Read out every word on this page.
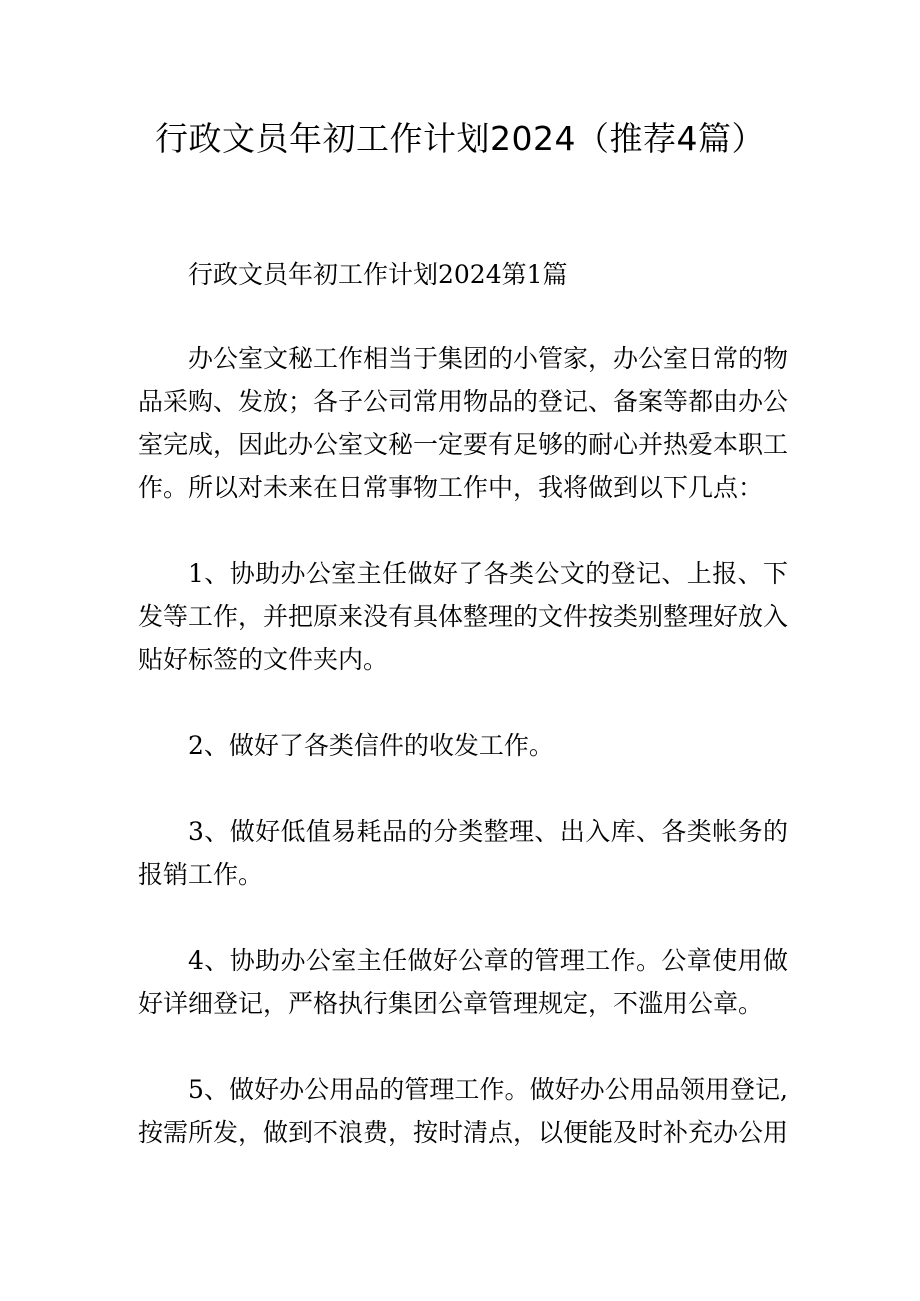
行政文员年初工作计划2024（推荐4篇）

行政文员年初工作计划2024第1篇

办公室文秘工作相当于集团的小管家，办公室日常的物品采购、发放；各子公司常用物品的登记、备案等都由办公室完成，因此办公室文秘一定要有足够的耐心并热爱本职工作。所以对未来在日常事物工作中，我将做到以下几点：

1、协助办公室主任做好了各类公文的登记、上报、下发等工作，并把原来没有具体整理的文件按类别整理好放入贴好标签的文件夹内。

2、做好了各类信件的收发工作。

3、做好低值易耗品的分类整理、出入库、各类帐务的报销工作。

4、协助办公室主任做好公章的管理工作。公章使用做好详细登记，严格执行集团公章管理规定，不滥用公章。

5、做好办公用品的管理工作。做好办公用品领用登记,按需所发，做到不浪费，按时清点，以便能及时补充办公用
